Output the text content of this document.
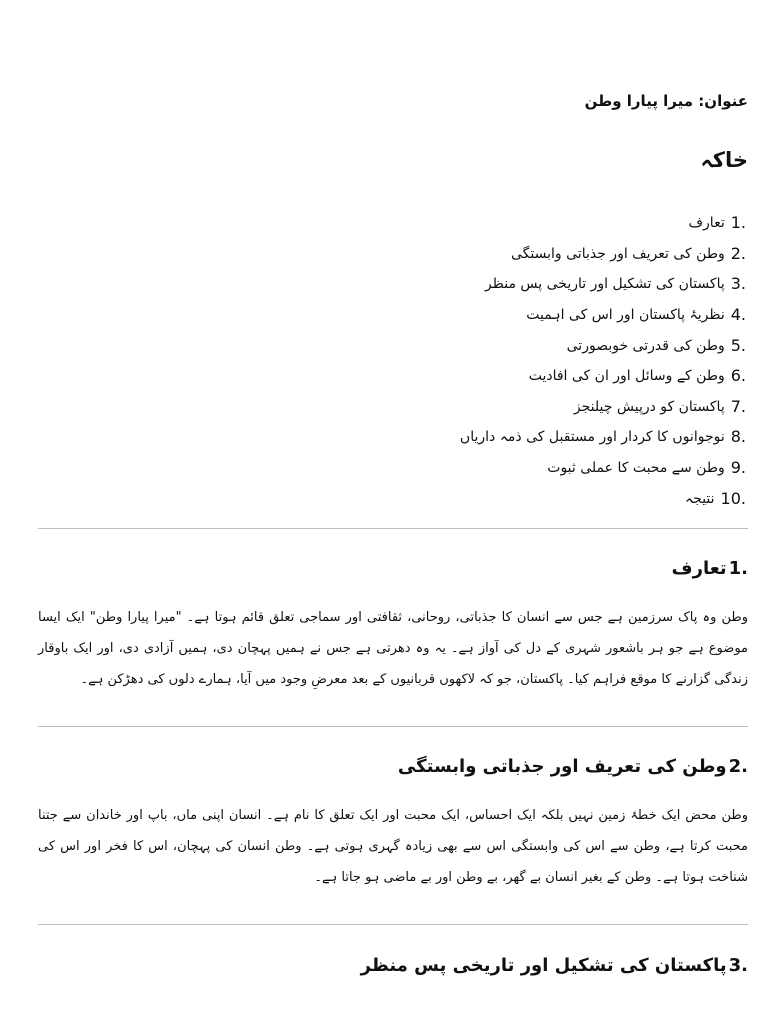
عنوان: میرا پیارا وطن
خاکہ
1.
تعارف
2.
وطن کی تعریف اور جذباتی وابستگی
3.
پاکستان کی تشکیل اور تاریخی پس منظر
4.
نظریۂ پاکستان اور اس کی اہمیت
5.
وطن کی قدرتی خوبصورتی
6.
وطن کے وسائل اور ان کی افادیت
7.
پاکستان کو درپیش چیلنجز
8.
نوجوانوں کا کردار اور مستقبل کی ذمہ داریاں
9.
وطن سے محبت کا عملی ثبوت
10.
نتیجہ
1.
تعارف

وطن وہ پاک سرزمین ہے جس سے انسان کا جذباتی، روحانی، ثقافتی اور سماجی تعلق قائم ہوتا ہے۔ "میرا پیارا وطن" ایک ایسا موضوع ہے جو ہر باشعور شہری کے دل کی آواز ہے۔ یہ وہ دھرتی ہے جس نے ہمیں پہچان دی، ہمیں آزادی دی، اور ایک باوقار زندگی گزارنے کا موقع فراہم کیا۔ پاکستان، جو کہ لاکھوں قربانیوں کے بعد معرضِ وجود میں آیا، ہمارے دلوں کی دھڑکن ہے۔

2.
وطن کی تعریف اور جذباتی وابستگی

وطن محض ایک خطۂ زمین نہیں بلکہ ایک احساس، ایک محبت اور ایک تعلق کا نام ہے۔ انسان اپنی ماں، باپ اور خاندان سے جتنا محبت کرتا ہے، وطن سے اس کی وابستگی اس سے بھی زیادہ گہری ہوتی ہے۔ وطن انسان کی پہچان، اس کا فخر اور اس کی شناخت ہوتا ہے۔ وطن کے بغیر انسان بے گھر، بے وطن اور بے ماضی ہو جاتا ہے۔

3.
پاکستان کی تشکیل اور تاریخی پس منظر
